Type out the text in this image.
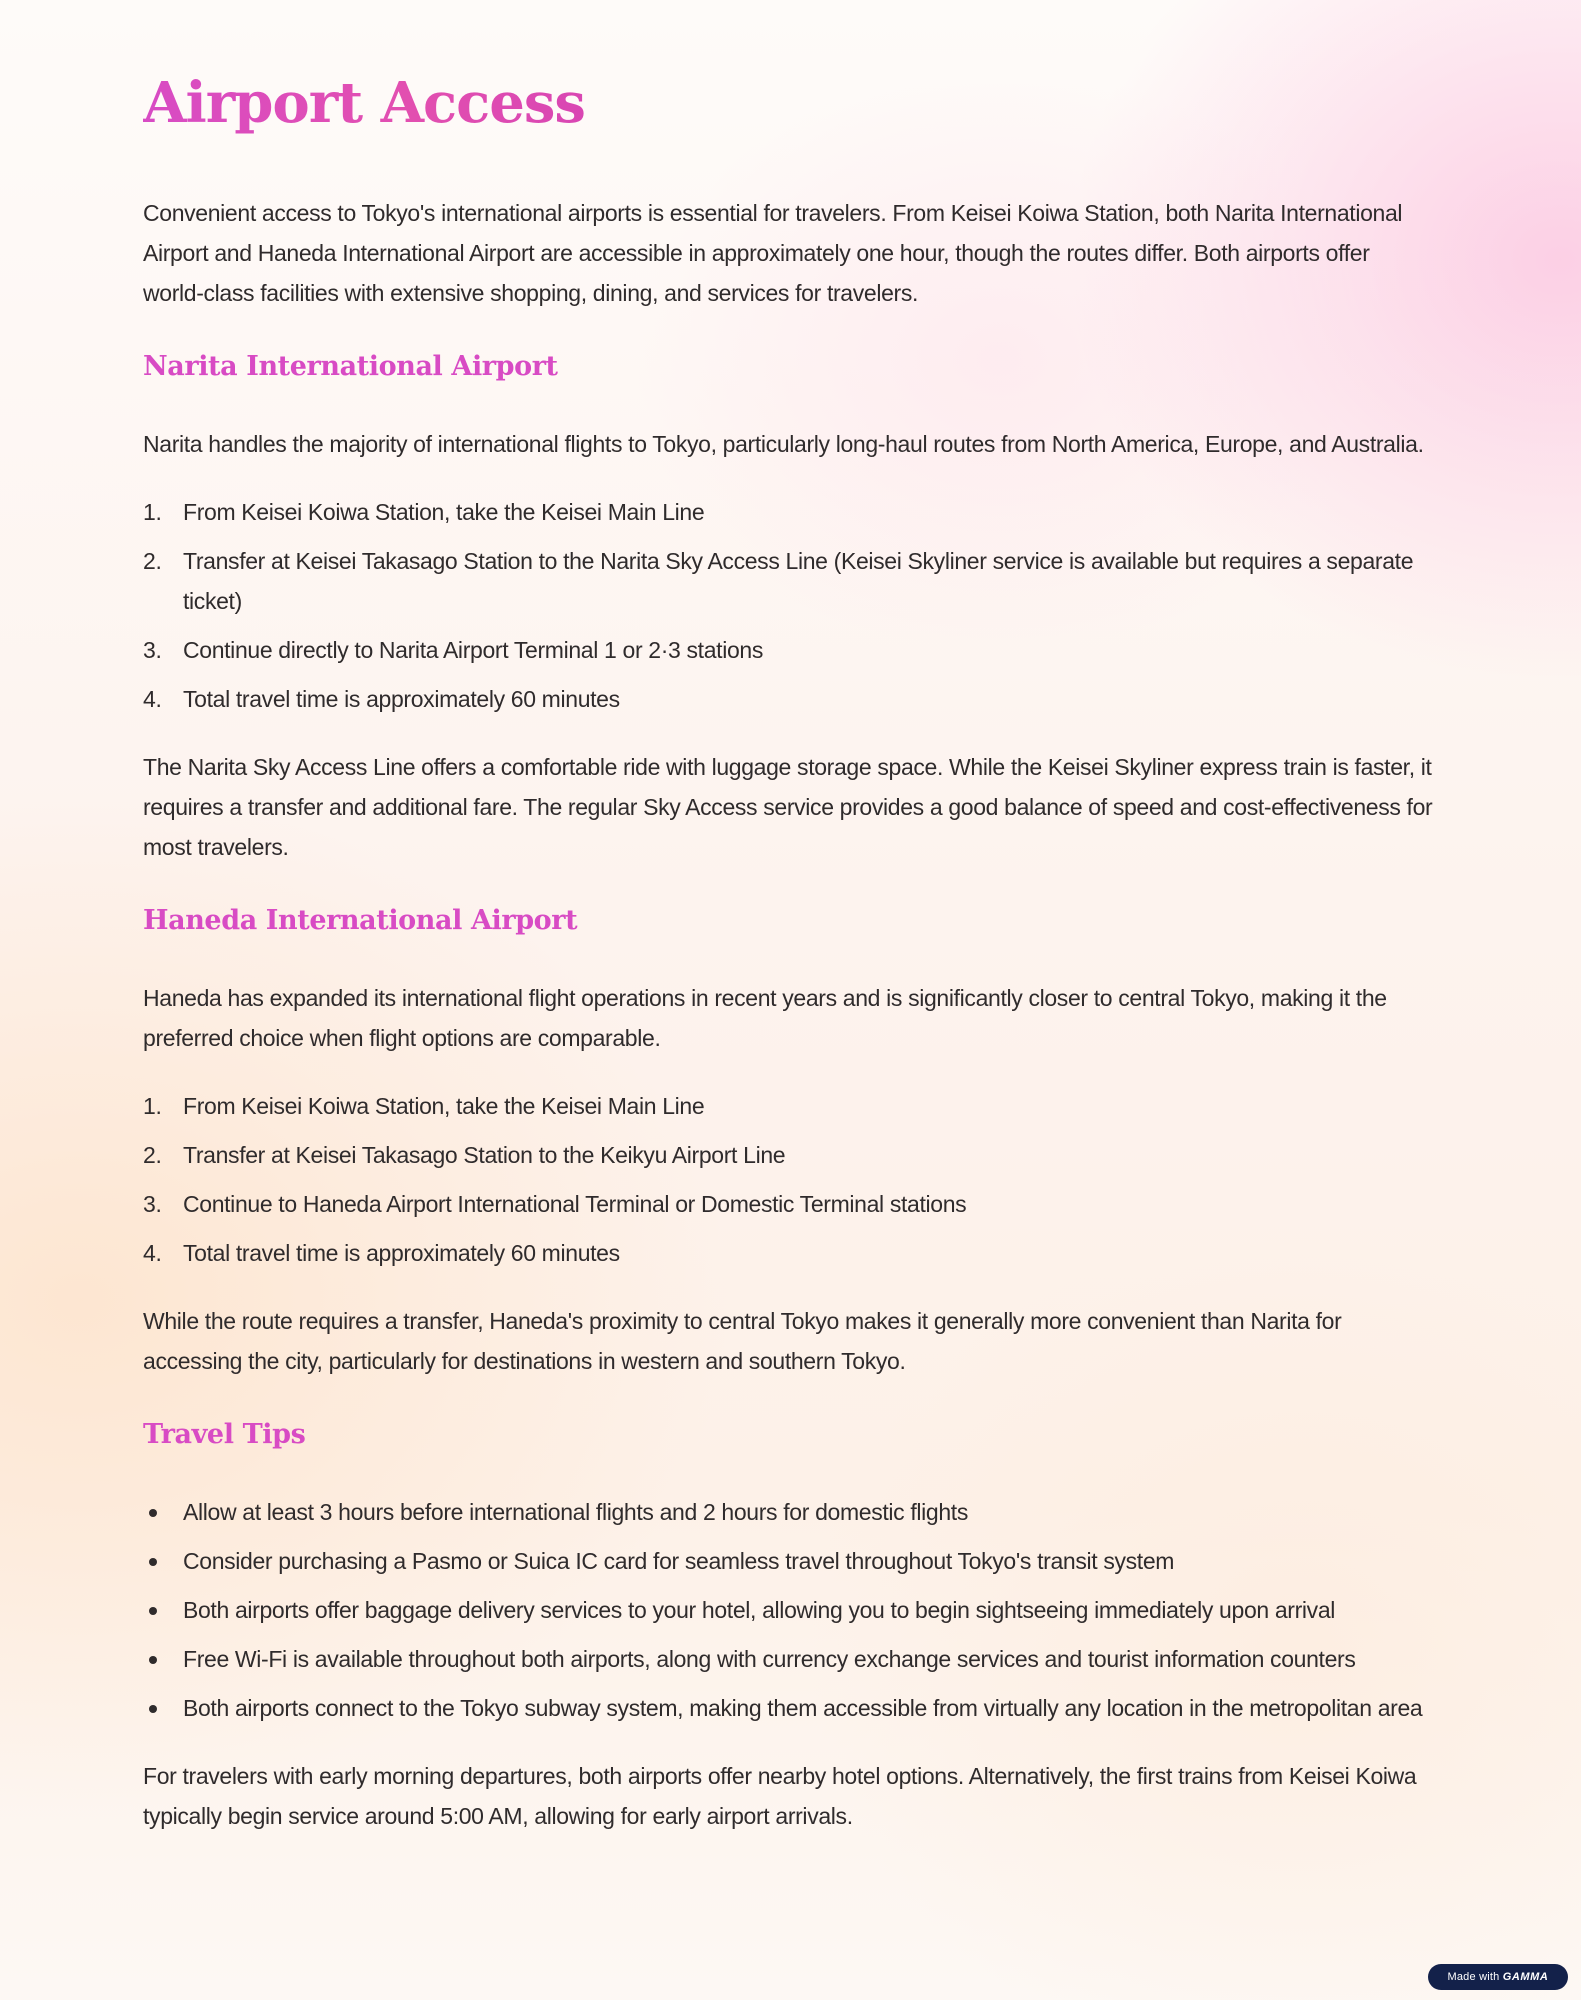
Airport Access

Convenient access to Tokyo's international airports is essential for travelers. From Keisei Koiwa Station, both Narita International Airport and Haneda International Airport are accessible in approximately one hour, though the routes differ. Both airports offer world-class facilities with extensive shopping, dining, and services for travelers.

Narita International Airport

Narita handles the majority of international flights to Tokyo, particularly long-haul routes from North America, Europe, and Australia.

1. From Keisei Koiwa Station, take the Keisei Main Line
2. Transfer at Keisei Takasago Station to the Narita Sky Access Line (Keisei Skyliner service is available but requires a separate ticket)
3. Continue directly to Narita Airport Terminal 1 or 2·3 stations
4. Total travel time is approximately 60 minutes

The Narita Sky Access Line offers a comfortable ride with luggage storage space. While the Keisei Skyliner express train is faster, it requires a transfer and additional fare. The regular Sky Access service provides a good balance of speed and cost-effectiveness for most travelers.

Haneda International Airport

Haneda has expanded its international flight operations in recent years and is significantly closer to central Tokyo, making it the preferred choice when flight options are comparable.

1. From Keisei Koiwa Station, take the Keisei Main Line
2. Transfer at Keisei Takasago Station to the Keikyu Airport Line
3. Continue to Haneda Airport International Terminal or Domestic Terminal stations
4. Total travel time is approximately 60 minutes

While the route requires a transfer, Haneda's proximity to central Tokyo makes it generally more convenient than Narita for accessing the city, particularly for destinations in western and southern Tokyo.

Travel Tips
Allow at least 3 hours before international flights and 2 hours for domestic flights
Consider purchasing a Pasmo or Suica IC card for seamless travel throughout Tokyo's transit system
Both airports offer baggage delivery services to your hotel, allowing you to begin sightseeing immediately upon arrival
Free Wi-Fi is available throughout both airports, along with currency exchange services and tourist information counters
Both airports connect to the Tokyo subway system, making them accessible from virtually any location in the metropolitan area

For travelers with early morning departures, both airports offer nearby hotel options. Alternatively, the first trains from Keisei Koiwa typically begin service around 5:00 AM, allowing for early airport arrivals.

Made with GAMMA
